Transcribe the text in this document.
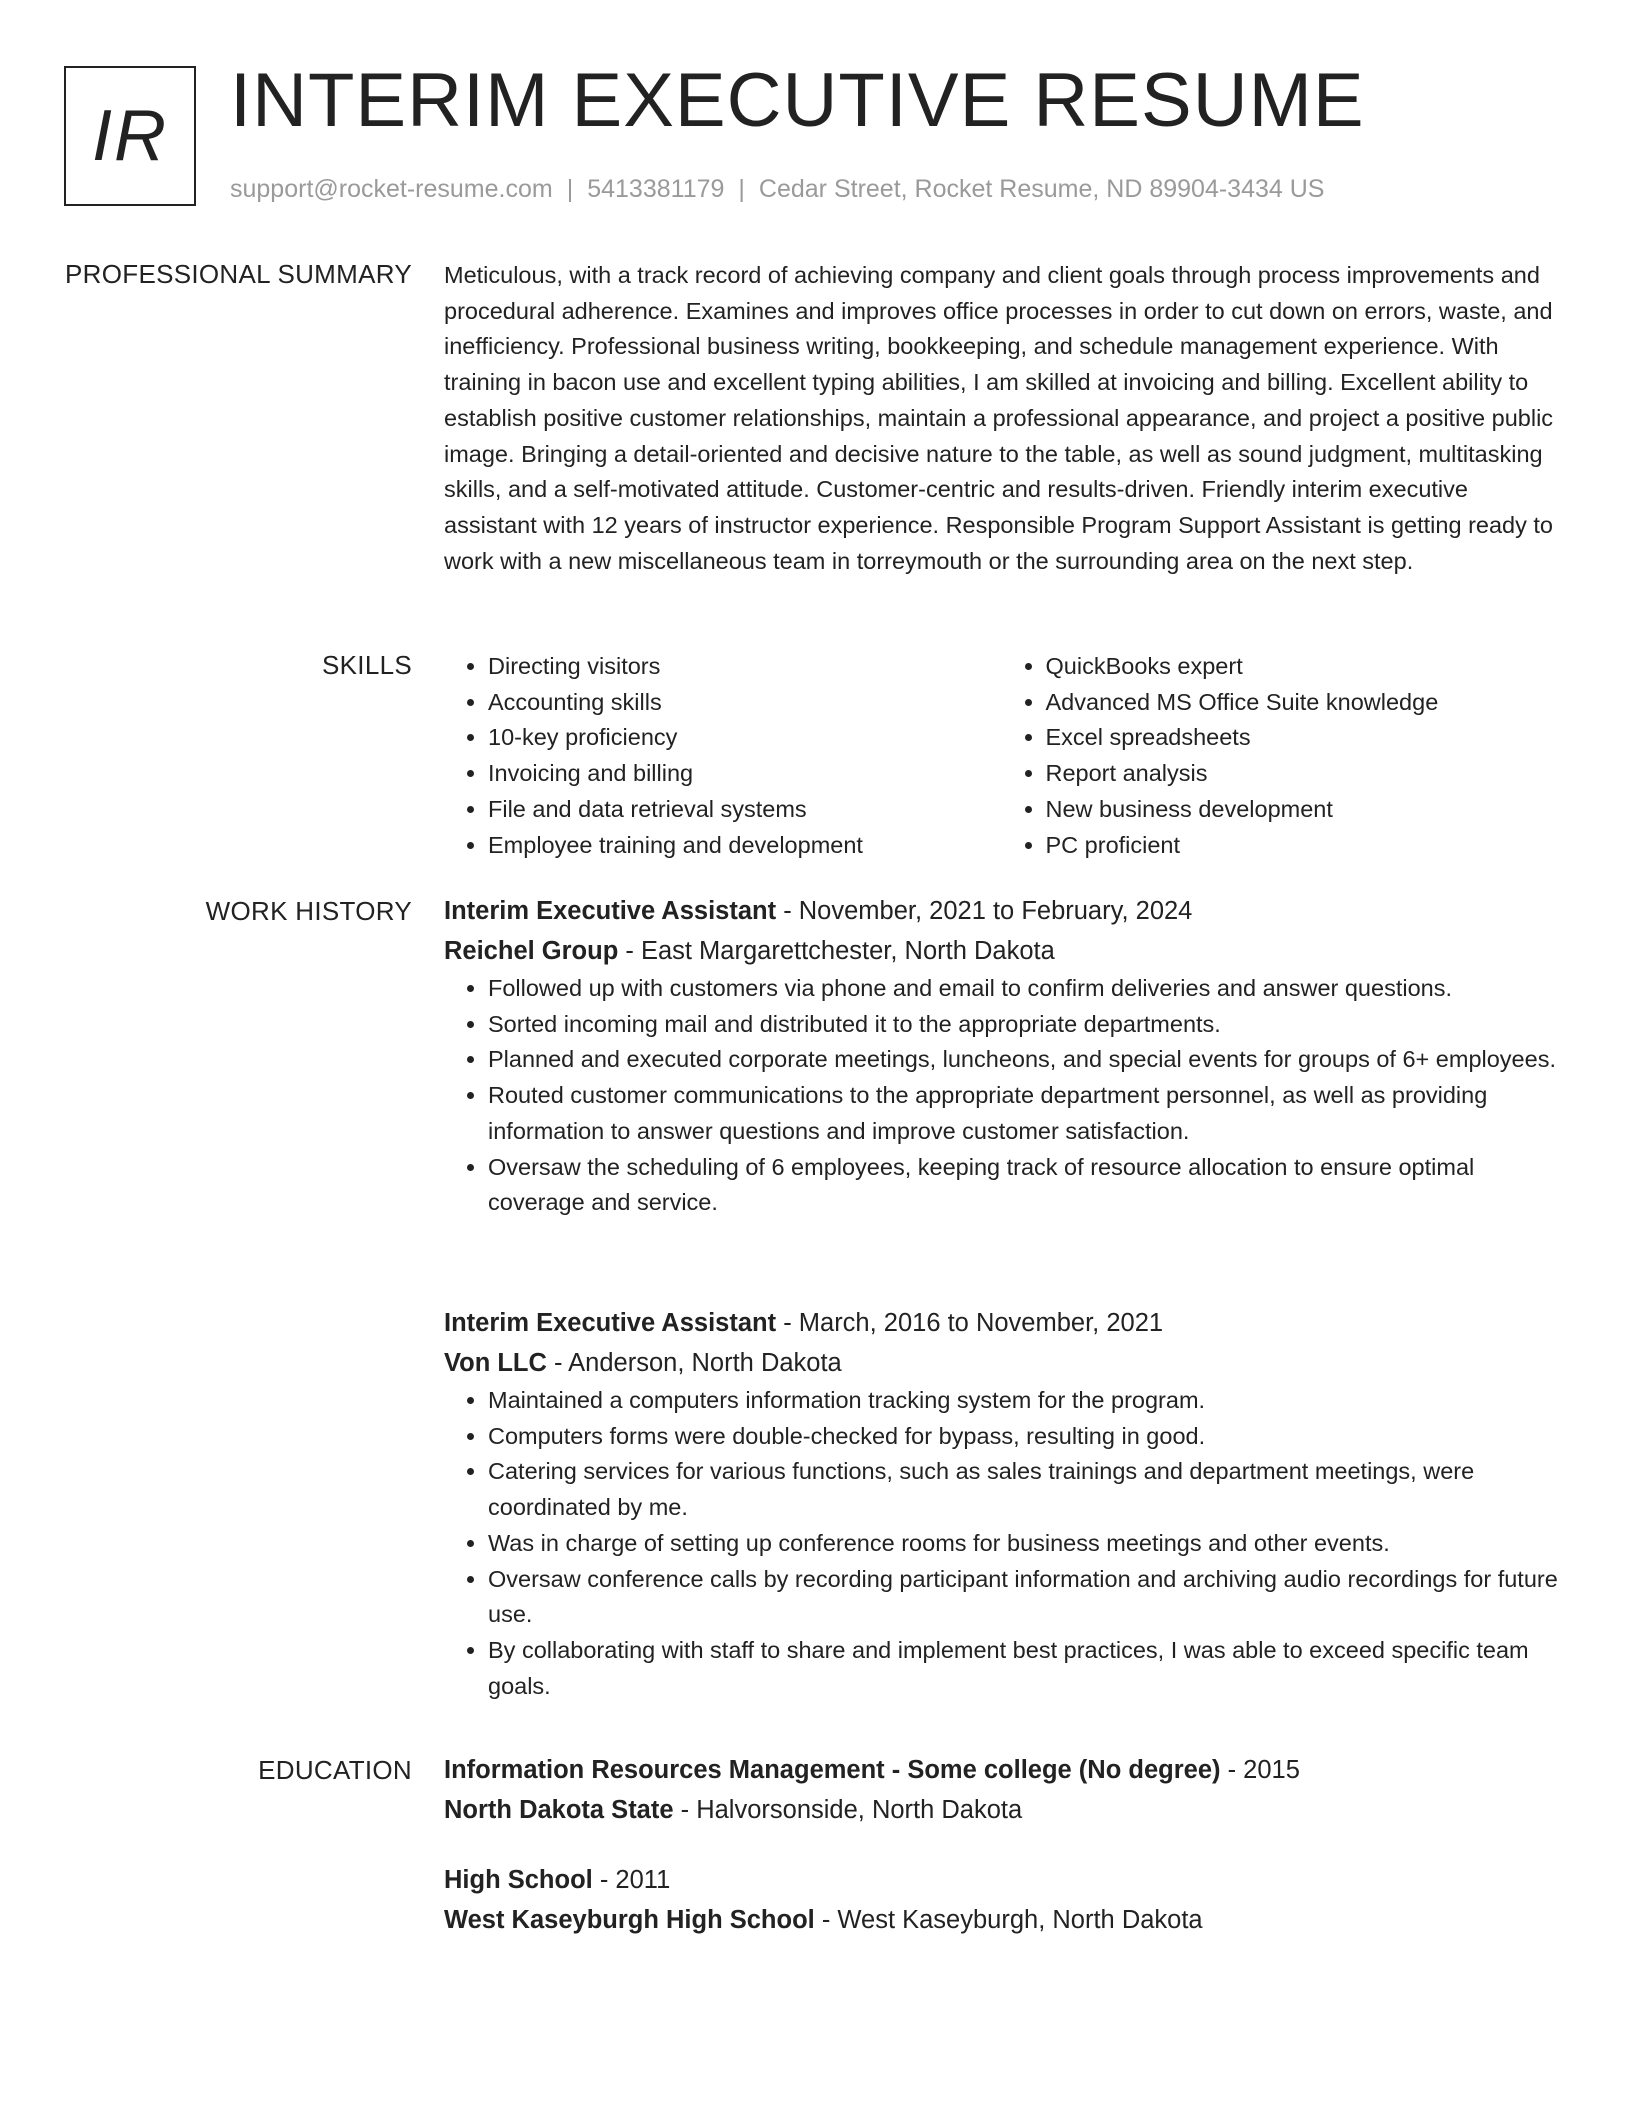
IR INTERIM EXECUTIVE RESUME
support@rocket-resume.com | 5413381179 | Cedar Street, Rocket Resume, ND 89904-3434 US
PROFESSIONAL SUMMARY Meticulous, with a track record of achieving company and client goals through process improvements and procedural adherence. Examines and improves office processes in order to cut down on errors, waste, and inefficiency. Professional business writing, bookkeeping, and schedule management experience. With training in bacon use and excellent typing abilities, I am skilled at invoicing and billing. Excellent ability to establish positive customer relationships, maintain a professional appearance, and project a positive public image. Bringing a detail-oriented and decisive nature to the table, as well as sound judgment, multitasking skills, and a self-motivated attitude. Customer-centric and results-driven. Friendly interim executive assistant with 12 years of instructor experience. Responsible Program Support Assistant is getting ready to work with a new miscellaneous team in torreymouth or the surrounding area on the next step.

SKILLS
•	Directing visitors
• Accounting skills
• 10-key proficiency
• Invoicing and billing
• File and data retrieval systems
• Employee training and development
• QuickBooks expert
• Advanced MS Office Suite knowledge
• Excel spreadsheets
• Report analysis
• New business development
• PC proficient
WORK HISTORY Interim Executive Assistant - November, 2021 to February, 2024
Reichel Group - East Margarettchester, North Dakota
• Followed up with customers via phone and email to confirm deliveries and answer questions.
• Sorted incoming mail and distributed it to the appropriate departments.
• Planned and executed corporate meetings, luncheons, and special events for groups of 6+ employees.
• Routed customer communications to the appropriate department personnel, as well as providing information to answer questions and improve customer satisfaction.
• Oversaw the scheduling of 6 employees, keeping track of resource allocation to ensure optimal coverage and service.
Interim Executive Assistant - March, 2016 to November, 2021
Von LLC - Anderson, North Dakota
• Maintained a computers information tracking system for the program.
• Computers forms were double-checked for bypass, resulting in good.
• Catering services for various functions, such as sales trainings and department meetings, were coordinated by me.
• Was in charge of setting up conference rooms for business meetings and other events.
• Oversaw conference calls by recording participant information and archiving audio recordings for future use.
• By collaborating with staff to share and implement best practices, I was able to exceed specific team goals.
EDUCATION Information Resources Management - Some college (No degree) - 2015
North Dakota State - Halvorsonside, North Dakota
High School - 2011
West Kaseyburgh High School - West Kaseyburgh, North Dakota
